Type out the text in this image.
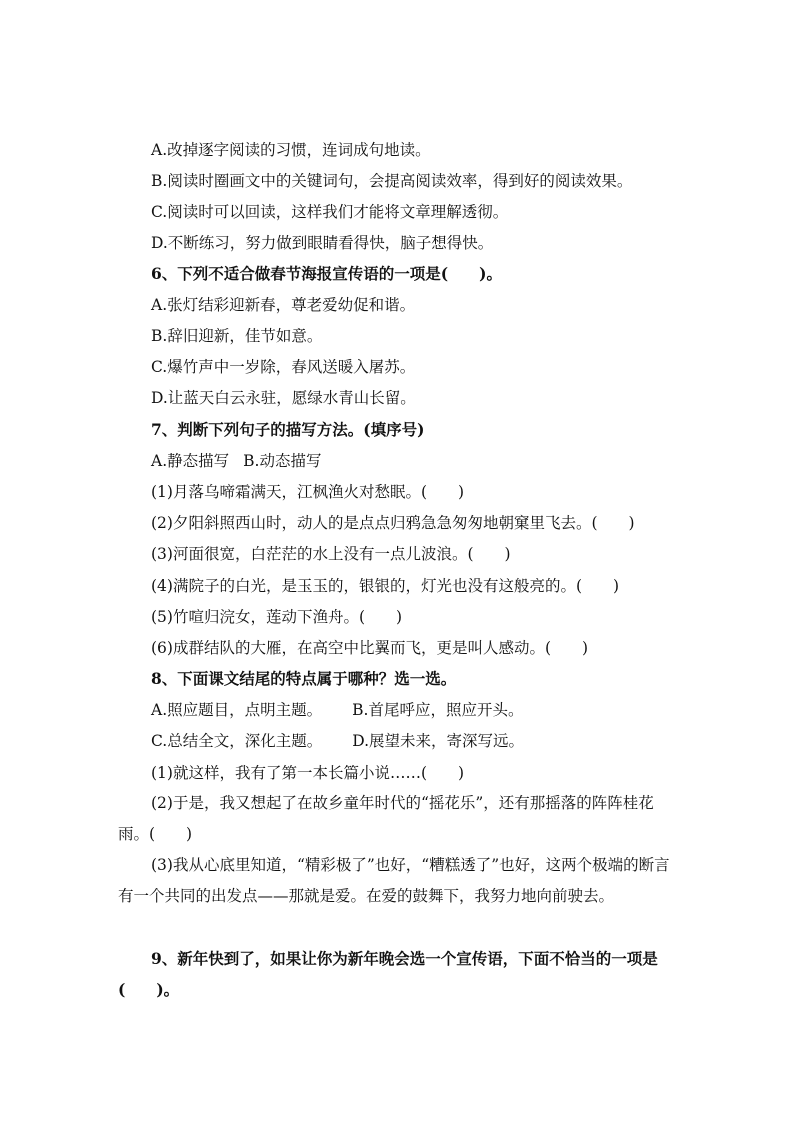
A.改掉逐字阅读的习惯，连词成句地读。
B.阅读时圈画文中的关键词句，会提高阅读效率，得到好的阅读效果。
C.阅读时可以回读，这样我们才能将文章理解透彻。
D.不断练习，努力做到眼睛看得快，脑子想得快。
6、下列不适合做春节海报宣传语的一项是(　　)。
A.张灯结彩迎新春，尊老爱幼促和谐。
B.辞旧迎新，佳节如意。
C.爆竹声中一岁除，春风送暖入屠苏。
D.让蓝天白云永驻，愿绿水青山长留。
7、判断下列句子的描写方法。(填序号)
A.静态描写 B.动态描写
(1)月落乌啼霜满天，江枫渔火对愁眠。(　　)
(2)夕阳斜照西山时，动人的是点点归鸦急急匆匆地朝窠里飞去。(　　)
(3)河面很宽，白茫茫的水上没有一点儿波浪。(　　)
(4)满院子的白光，是玉玉的，银银的，灯光也没有这般亮的。(　　)
(5)竹喧归浣女，莲动下渔舟。(　　)
(6)成群结队的大雁，在高空中比翼而飞，更是叫人感动。(　　)
8、下面课文结尾的特点属于哪种？选一选。
A.照应题目，点明主题。 B.首尾呼应，照应开头。
C.总结全文，深化主题。 D.展望未来，寄深写远。
(1)就这样，我有了第一本长篇小说……(　　)
(2)于是，我又想起了在故乡童年时代的“摇花乐”，还有那摇落的阵阵桂花雨。(　　)
(3)我从心底里知道，“精彩极了”也好，“糟糕透了”也好，这两个极端的断言有一个共同的出发点——那就是爱。在爱的鼓舞下，我努力地向前驶去。
9、新年快到了，如果让你为新年晚会选一个宣传语，下面不恰当的一项是(　　)。
